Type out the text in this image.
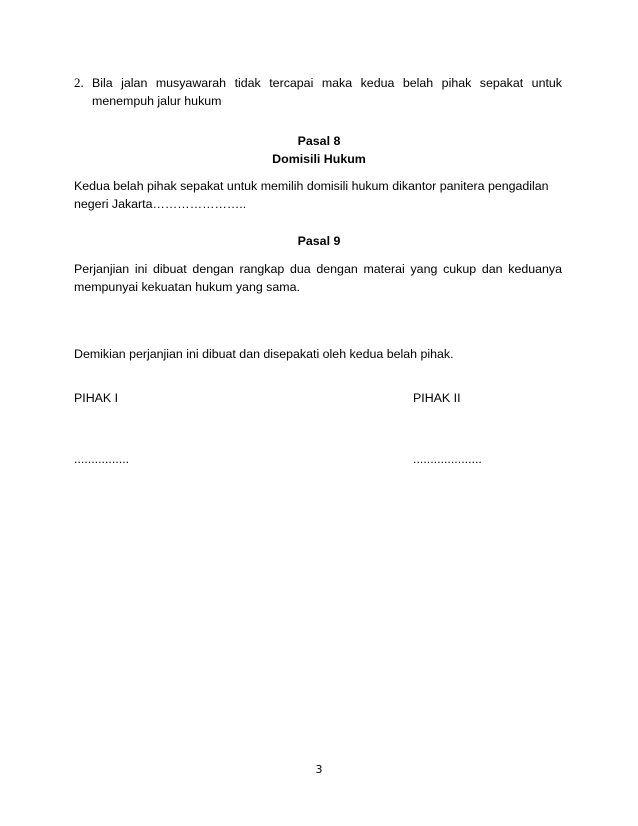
2. Bila jalan musyawarah tidak tercapai maka kedua belah pihak sepakat untuk
menempuh jalur hukum
Pasal 8
Domisili Hukum
Kedua belah pihak sepakat untuk memilih domisili hukum dikantor panitera pengadilan
negeri Jakarta…………………..
Pasal 9
Perjanjian ini dibuat dengan rangkap dua dengan materai yang cukup dan keduanya
mempunyai kekuatan hukum yang sama.
Demikian perjanjian ini dibuat dan disepakati oleh kedua belah pihak.
PIHAK I	PIHAK II
................	....................
3
